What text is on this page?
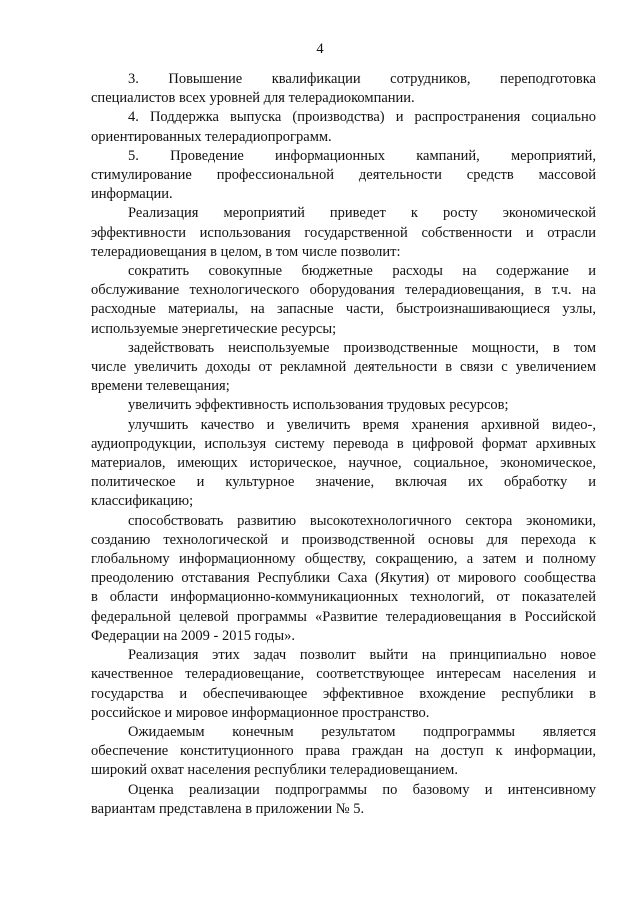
4

3. Повышение квалификации сотрудников, переподготовка

специалистов всех уровней для телерадиокомпании.

4. Поддержка выпуска (производства) и распространения социально

ориентированных телерадиопрограмм.

5. Проведение информационных кампаний, мероприятий,

стимулирование профессиональной деятельности средств массовой

информации.

Реализация мероприятий приведет к росту экономической

эффективности использования государственной собственности и отрасли

телерадиовещания в целом, в том числе позволит:

сократить совокупные бюджетные расходы на содержание и

обслуживание технологического оборудования телерадиовещания, в т.ч. на

расходные материалы, на запасные части, быстроизнашивающиеся узлы,

используемые энергетические ресурсы;

задействовать неиспользуемые производственные мощности, в том

числе увеличить доходы от рекламной деятельности в связи с увеличением

времени телевещания;

увеличить эффективность использования трудовых ресурсов;

улучшить качество и увеличить время хранения архивной видео-,

аудиопродукции, используя систему перевода в цифровой формат архивных

материалов, имеющих историческое, научное, социальное, экономическое,

политическое и культурное значение, включая их обработку и

классификацию;

способствовать развитию высокотехнологичного сектора экономики,

созданию технологической и производственной основы для перехода к

глобальному информационному обществу, сокращению, а затем и полному

преодолению отставания Республики Саха (Якутия) от мирового сообщества

в области информационно-коммуникационных технологий, от показателей

федеральной целевой программы «Развитие телерадиовещания в Российской

Федерации на 2009 - 2015 годы».

Реализация этих задач позволит выйти на принципиально новое

качественное телерадиовещание, соответствующее интересам населения и

государства и обеспечивающее эффективное вхождение республики в

российское и мировое информационное пространство.

Ожидаемым конечным результатом подпрограммы является

обеспечение конституционного права граждан на доступ к информации,

широкий охват населения республики телерадиовещанием.

Оценка реализации подпрограммы по базовому и интенсивному

вариантам представлена в приложении № 5.
